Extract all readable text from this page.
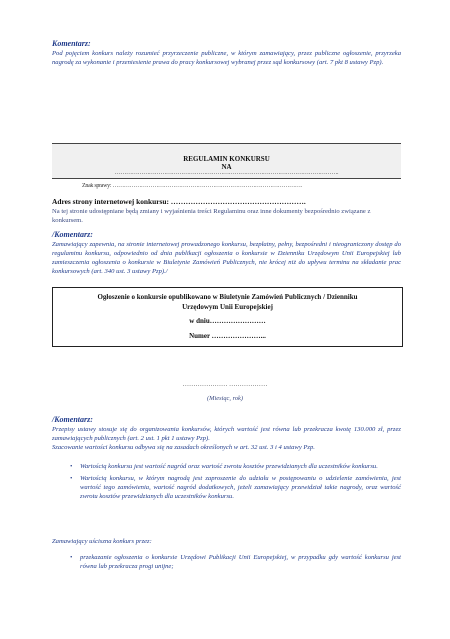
Komentarz:
Pod pojęciem konkurs należy rozumieć przyrzeczenie publiczne, w którym zamawiający, przez publiczne ogłoszenie, przyrzeka nagrodę za wykonanie i przeniesienie prawa do pracy konkursowej wybranej przez sąd konkursowy (art. 7 pkt 8 ustawy Pzp).
REGULAMIN KONKURSU
NA
……………………………………………………………………………………………………….
Znak sprawy: ……………………………………………………………………………………….
Adres strony internetowej konkursu: ……………………………………………….
Na tej stronie udostępniane będą zmiany i wyjaśnienia treści Regulaminu oraz inne dokumenty bezpośrednio związane z konkursem.
/Komentarz:
Zamawiający zapewnia, na stronie internetowej prowadzonego konkursu, bezpłatny, pełny, bezpośredni i nieograniczony dostęp do regulaminu konkursu, odpowiednio od dnia publikacji ogłoszenia o konkursie w Dzienniku Urzędowym Unii Europejskiej lub zamieszczenia ogłoszenia o konkursie w Biuletynie Zamówień Publicznych, nie krócej niż do upływu terminu na składanie prac konkursowych (art. 340 ust. 3 ustawy Pzp)./
Ogłoszenie o konkursie opublikowano w Biuletynie Zamówień Publicznych / Dzienniku
Urzędowym Unii Europejskiej
w dniu……………………
Numer …………………...
………………… ………………
(Miesiąc, rok)
/Komentarz:
Przepisy ustawy stosuje się do organizowania konkursów, których wartość jest równa lub przekracza kwotę 130.000 zł, przez zamawiających publicznych (art. 2 ust. 1 pkt 1 ustawy Pzp).
Szacowanie wartości konkursu odbywa się na zasadach określonych w art. 32 ust. 3 i 4 ustawy Pzp.
• Wartością konkursu jest wartość nagród oraz wartość zwrotu kosztów przewidzianych dla uczestników konkursu.
• Wartością konkursu, w którym nagrodą jest zaproszenie do udziału w postępowaniu o udzielenie zamówienia, jest wartość tego zamówienia, wartość nagród dodatkowych, jeżeli zamawiający przewidział takie nagrody, oraz wartość zwrotu kosztów przewidzianych dla uczestników konkursu.
Zamawiający uściszna konkurs przez:
• przekazanie ogłoszenia o konkursie Urzędowi Publikacji Unii Europejskiej, w przypadku gdy wartość konkursu jest równa lub przekracza progi unijne;
